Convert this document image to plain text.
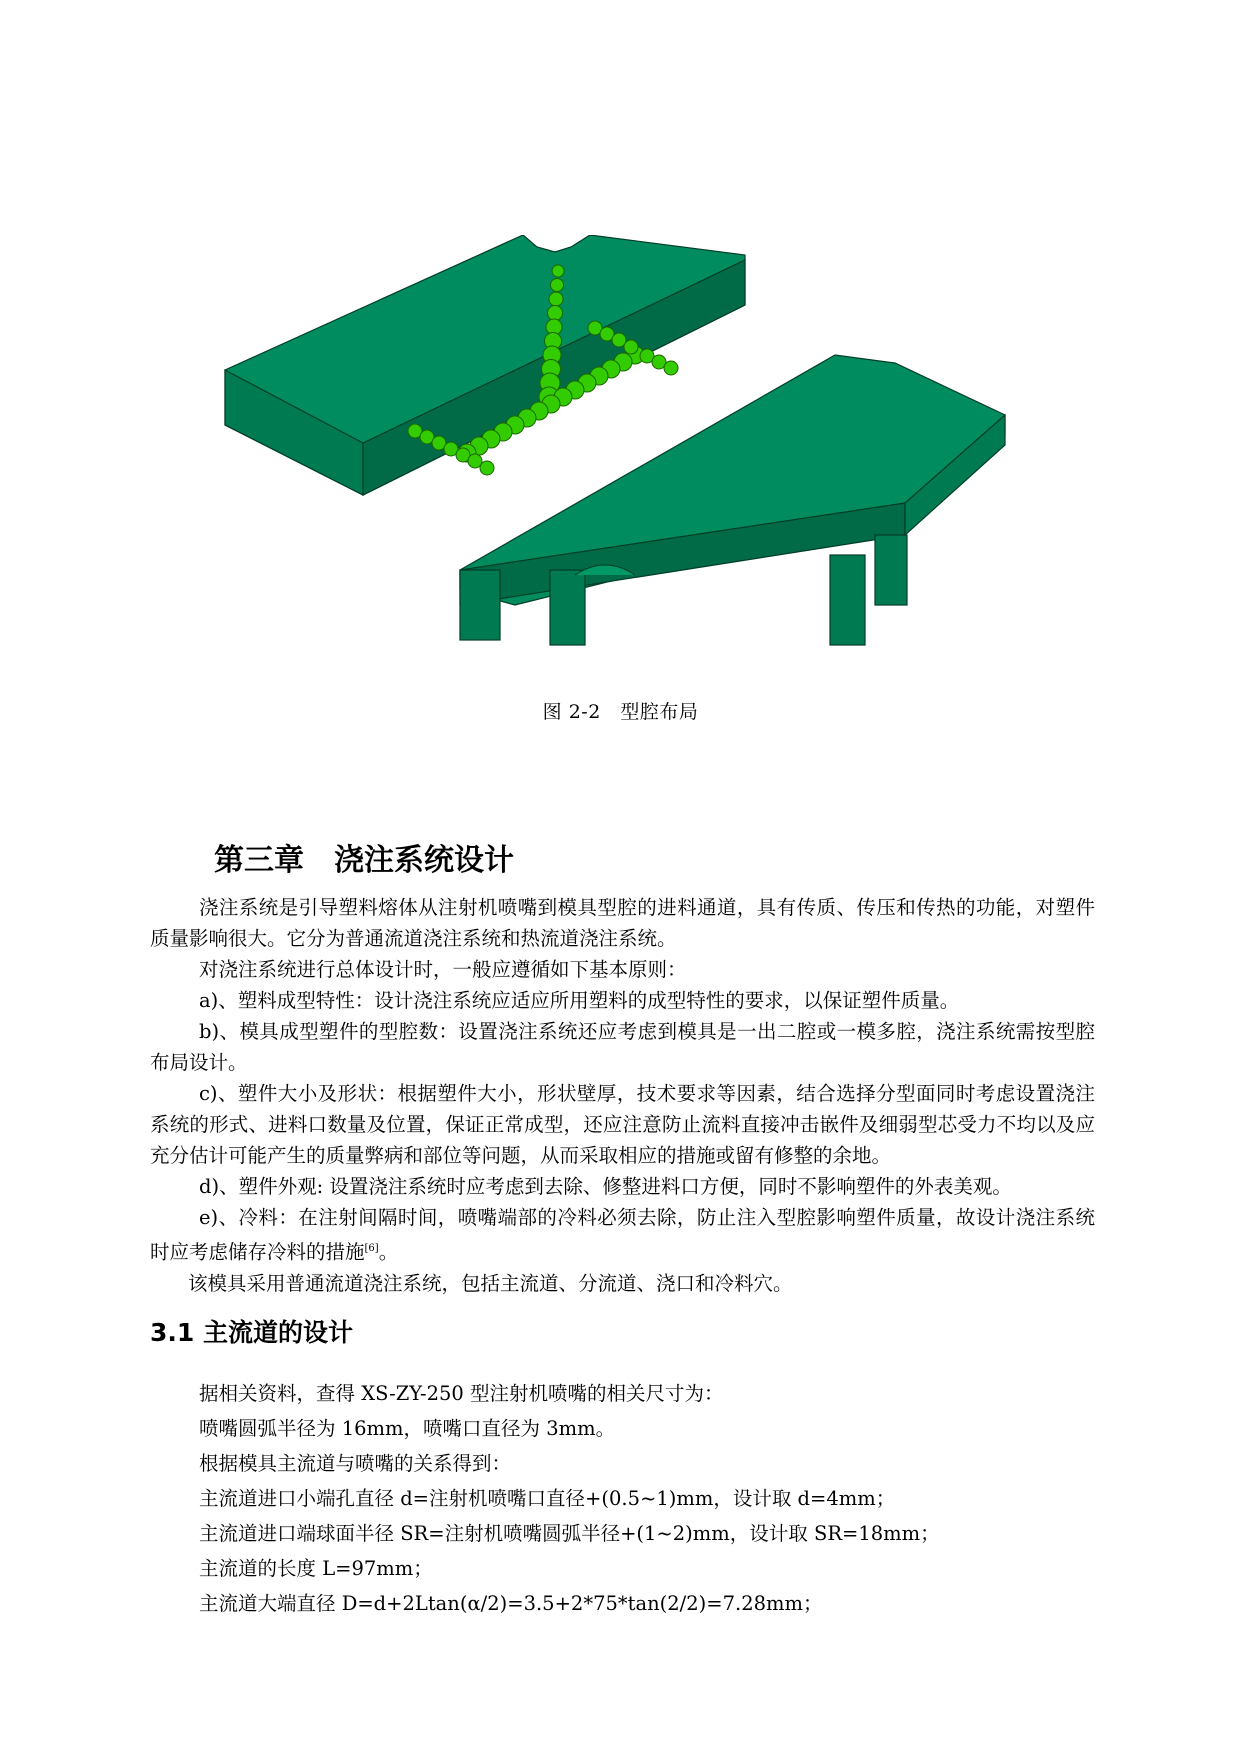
图 2-2　 型腔布局
第三章　浇注系统设计

浇注系统是引导塑料熔体从注射机喷嘴到模具型腔的进料通道，具有传质、传压和传热的功能，对塑件质量影响很大。它分为普通流道浇注系统和热流道浇注系统。

对浇注系统进行总体设计时，一般应遵循如下基本原则：

a)、塑料成型特性：设计浇注系统应适应所用塑料的成型特性的要求，以保证塑件质量。

b)、模具成型塑件的型腔数：设置浇注系统还应考虑到模具是一出二腔或一模多腔，浇注系统需按型腔布局设计。

c)、塑件大小及形状：根据塑件大小，形状壁厚，技术要求等因素，结合选择分型面同时考虑设置浇注系统的形式、进料口数量及位置，保证正常成型，还应注意防止流料直接冲击嵌件及细弱型芯受力不均以及应充分估计可能产生的质量弊病和部位等问题，从而采取相应的措施或留有修整的余地。

d)、塑件外观: 设置浇注系统时应考虑到去除、修整进料口方便，同时不影响塑件的外表美观。

e)、冷料：在注射间隔时间，喷嘴端部的冷料必须去除，防止注入型腔影响塑件质量，故设计浇注系统时应考虑储存冷料的措施[6]。

该模具采用普通流道浇注系统，包括主流道、分流道、浇口和冷料穴。

3.1 主流道的设计

据相关资料，查得 XS-ZY-250 型注射机喷嘴的相关尺寸为：

喷嘴圆弧半径为 16mm，喷嘴口直径为 3mm。

根据模具主流道与喷嘴的关系得到：

主流道进口小端孔直径 d=注射机喷嘴口直径+(0.5~1)mm，设计取 d=4mm；

主流道进口端球面半径 SR=注射机喷嘴圆弧半径+(1~2)mm，设计取 SR=18mm；

主流道的长度 L=97mm；

主流道大端直径 D=d+2Ltan(α/2)=3.5+2*75*tan(2/2)=7.28mm；
